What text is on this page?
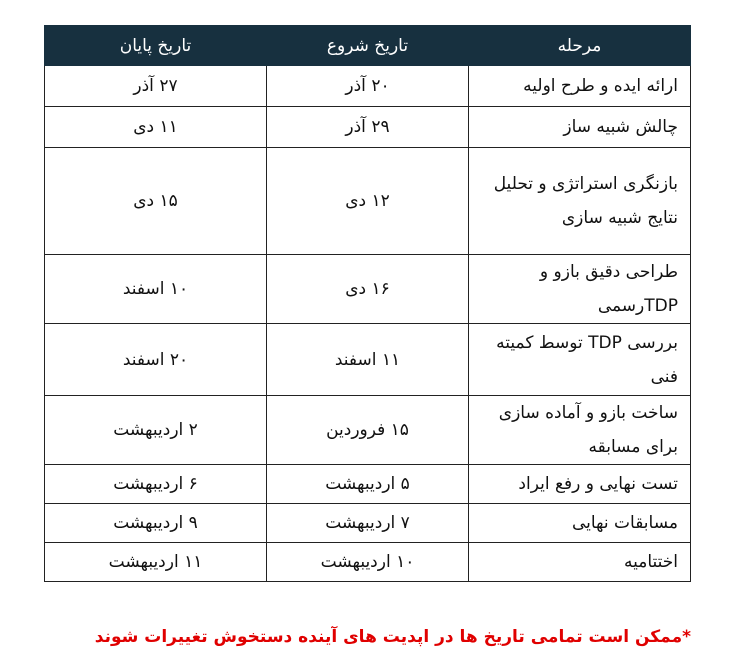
مرحله	تاریخ شروع	تاریخ پایان
ارائه ایده و طرح اولیه	۲۰ آذر	۲۷ آذر
چالش شبیه ساز	۲۹ آذر	۱۱ دی
بازنگری استراتژی و تحلیل نتایج شبیه سازی	۱۲ دی	۱۵ دی
طراحی دقیق بازو و TDPرسمی	۱۶ دی	۱۰ اسفند
بررسی TDP توسط کمیته فنی	۱۱ اسفند	۲۰ اسفند
ساخت بازو و آماده سازی برای مسابقه	۱۵ فروردین	۲ اردیبهشت
تست نهایی و رفع ایراد	۵ اردیبهشت	۶ اردیبهشت
مسابقات نهایی	۷ اردیبهشت	۹ اردیبهشت
اختتامیه	۱۰ اردیبهشت	۱۱ اردیبهشت
*ممکن است تمامی تاریخ ها در اپدیت های آینده دستخوش تغییرات شوند
